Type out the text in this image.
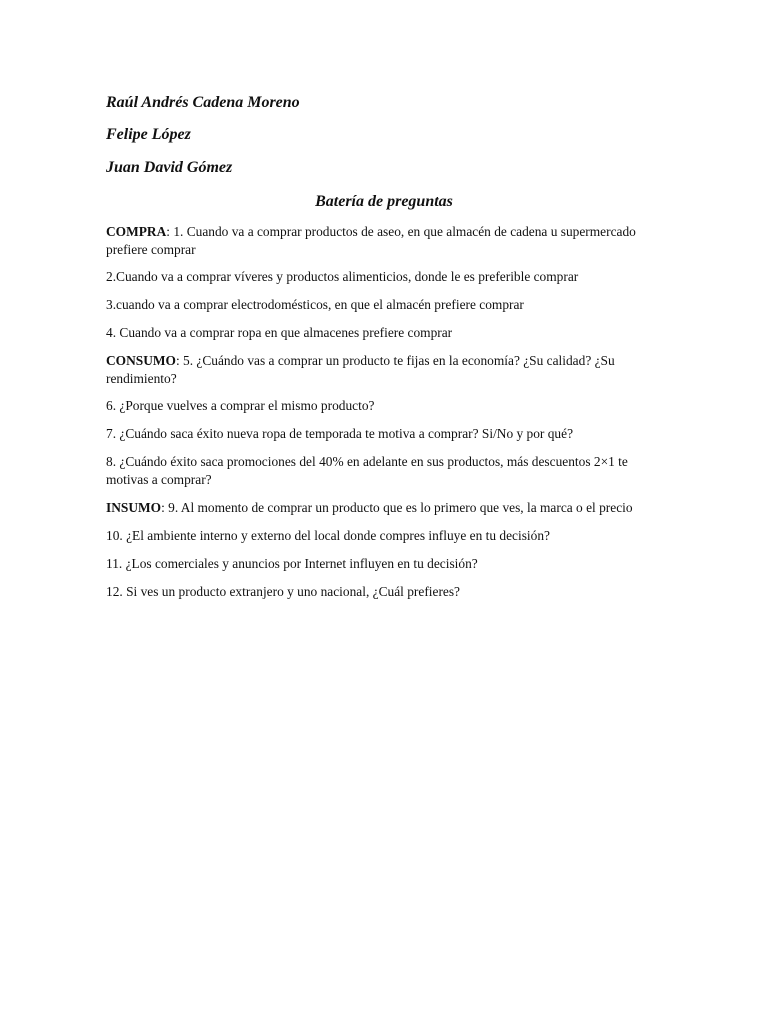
Raúl Andrés Cadena Moreno
Felipe López
Juan David Gómez
Batería de preguntas
COMPRA: 1. Cuando va a comprar productos de aseo, en que almacén de cadena u supermercado prefiere comprar
2.Cuando va a comprar víveres y productos alimenticios, donde le es preferible comprar
3.cuando va a comprar electrodomésticos, en que el almacén prefiere comprar
4. Cuando va a comprar ropa en que almacenes prefiere comprar
CONSUMO: 5. ¿Cuándo vas a comprar un producto te fijas en la economía? ¿Su calidad? ¿Su rendimiento?
6. ¿Porque vuelves a comprar el mismo producto?
7. ¿Cuándo saca éxito nueva ropa de temporada te motiva a comprar? Si/No y por qué?
8. ¿Cuándo éxito saca promociones del 40% en adelante en sus productos, más descuentos 2×1 te motivas a comprar?
INSUMO: 9. Al momento de comprar un producto que es lo primero que ves, la marca o el precio
10. ¿El ambiente interno y externo del local donde compres influye en tu decisión?
11. ¿Los comerciales y anuncios por Internet influyen en tu decisión?
12. Si ves un producto extranjero y uno nacional, ¿Cuál prefieres?
